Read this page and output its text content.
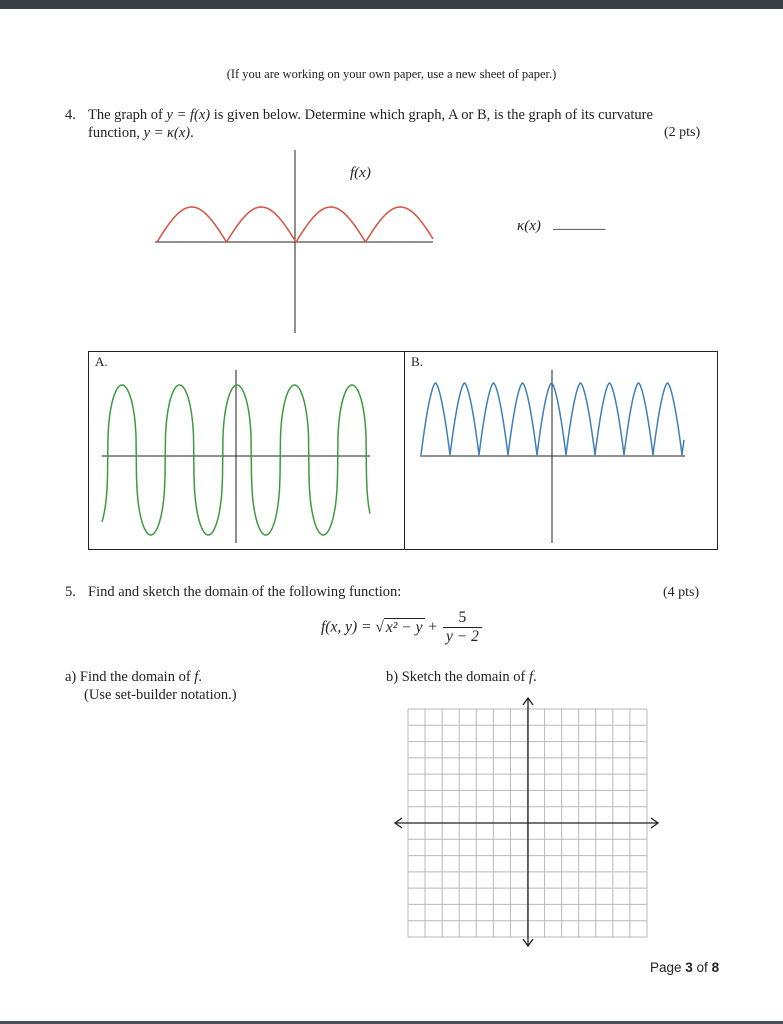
(If you are working on your own paper, use a new sheet of paper.)
4. The graph of y = f(x) is given below. Determine which graph, A or B, is the graph of its curvature
function, y = κ(x).	(2 pts)
f(x)
κ(x) _______
A.	B.
5. Find and sketch the domain of the following function:	(4 pts)
f(x, y) = √ $x^2 - y + \frac{5}{y - 2}$
a) Find the domain of f.
(Use set-builder notation.)
b) Sketch the domain of f.
Page 3 of 8
